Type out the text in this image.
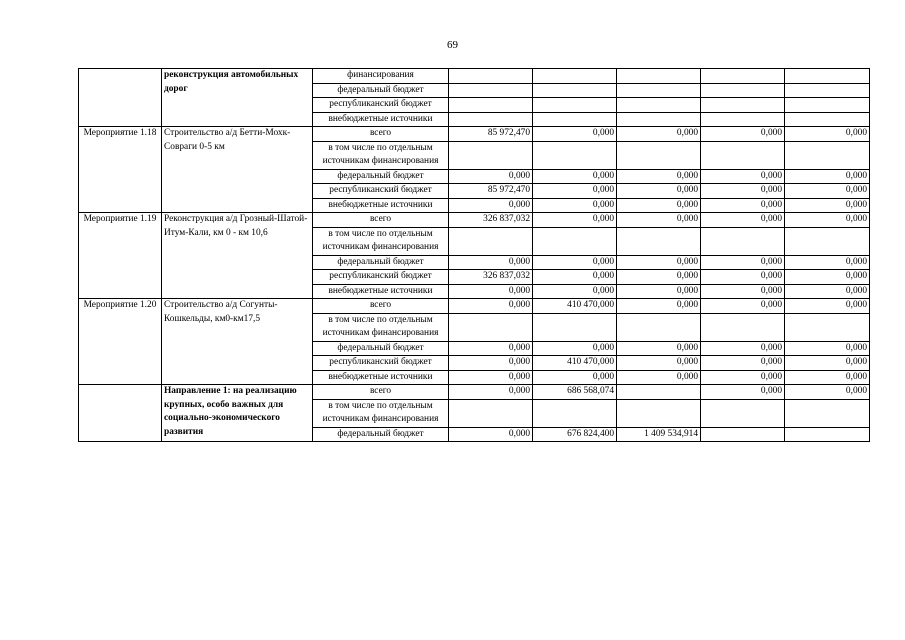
69
	реконструкция автомобильных дорог	финансирования					
		федеральный бюджет					
		республиканский бюджет					
		внебюджетные источники					
Мероприятие 1.18	Строительство а/д Бетти-Мохк-Совраги 0-5 км	всего	85 972,470	0,000	0,000	0,000	0,000
		в том числе по отдельным источникам финансирования					
		федеральный бюджет	0,000	0,000	0,000	0,000	0,000
		республиканский бюджет	85 972,470	0,000	0,000	0,000	0,000
		внебюджетные источники	0,000	0,000	0,000	0,000	0,000
Мероприятие 1.19	Реконструкция а/д Грозный-Шатой-Итум-Кали, км 0 - км 10,6	всего	326 837,032	0,000	0,000	0,000	0,000
		в том числе по отдельным источникам финансирования					
		федеральный бюджет	0,000	0,000	0,000	0,000	0,000
		республиканский бюджет	326 837,032	0,000	0,000	0,000	0,000
		внебюджетные источники	0,000	0,000	0,000	0,000	0,000
Мероприятие 1.20	Строительство а/д Согунты-Кошкельды, км0-км17,5	всего	0,000	410 470,000	0,000	0,000	0,000
		в том числе по отдельным источникам финансирования					
		федеральный бюджет	0,000	0,000	0,000	0,000	0,000
		республиканский бюджет	0,000	410 470,000	0,000	0,000	0,000
		внебюджетные источники	0,000	0,000	0,000	0,000	0,000
	Направление 1: на реализацию крупных, особо важных для социально-экономического развития	всего	0,000	686 568,074		0,000	0,000
		в том числе по отдельным источникам финансирования					
		федеральный бюджет	0,000	676 824,400	1 409 534,914		
